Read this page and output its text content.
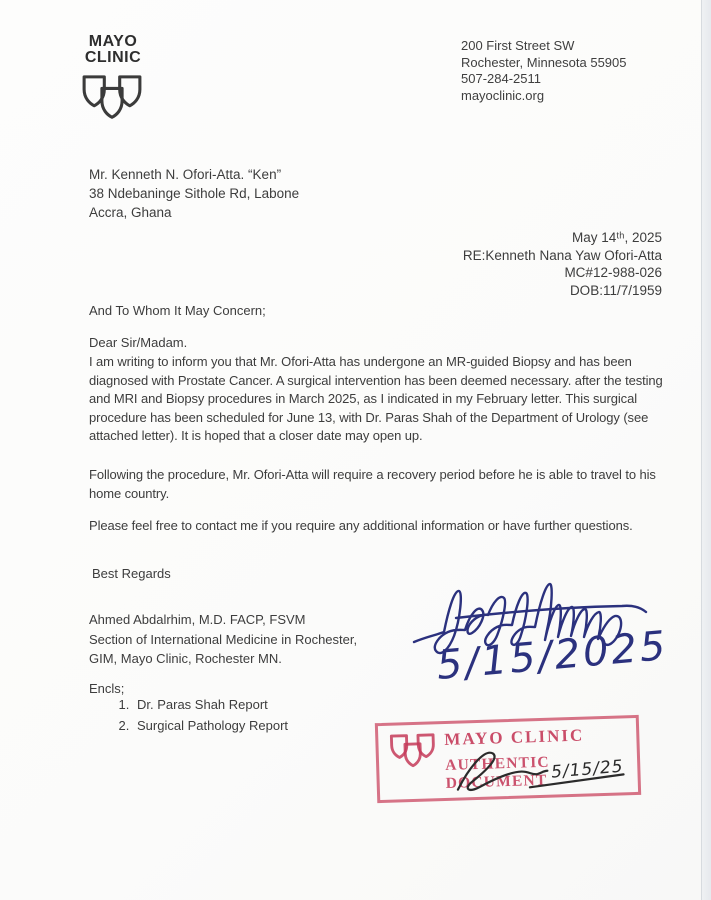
MAYO
CLINIC
200 First Street SW
Rochester, Minnesota 55905
507-284-2511
mayoclinic.org
Mr. Kenneth N. Ofori-Atta. “Ken”
38 Ndebaninge Sithole Rd, Labone
Accra, Ghana
May 14ᵗʰ, 2025
RE:Kenneth Nana Yaw Ofori-Atta
MC#12-988-026
DOB:11/7/1959
And To Whom It May Concern;
Dear Sir/Madam.

I am writing to inform you that Mr. Ofori-Atta has undergone an MR-guided Biopsy and has been diagnosed with Prostate Cancer. A surgical intervention has been deemed necessary. after the testing and MRI and Biopsy procedures in March 2025, as I indicated in my February letter. This surgical procedure has been scheduled for June 13, with Dr. Paras Shah of the Department of Urology (see attached letter). It is hoped that a closer date may open up.

Following the procedure, Mr. Ofori-Atta will require a recovery period before he is able to travel to his home country.

Please feel free to contact me if you require any additional information or have further questions.

Best Regards
Ahmed Abdalrhim, M.D. FACP, FSVM
Section of International Medicine in Rochester,
GIM, Mayo Clinic, Rochester MN.
Encls;
1. Dr. Paras Shah Report
2. Surgical Pathology Report
5/15/2025
MAYO CLINIC
AUTHENTIC DOCUMENT 5/15/25
